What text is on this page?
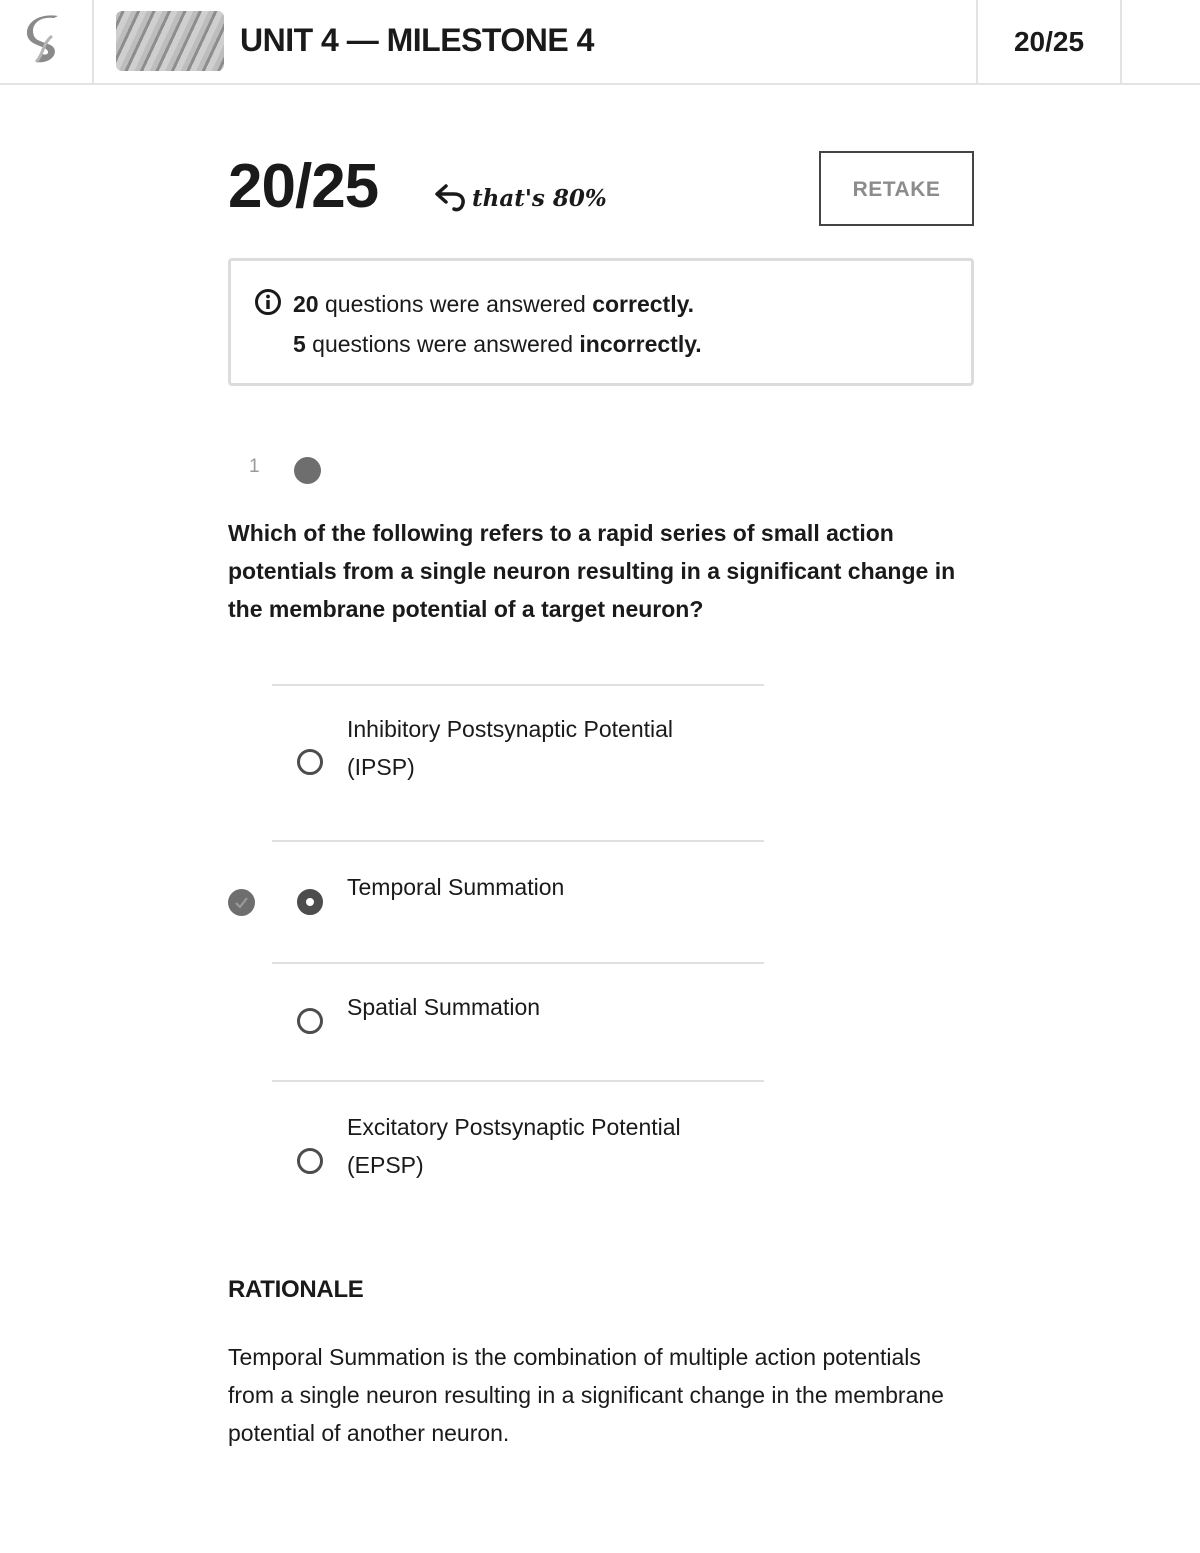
UNIT 4 — MILESTONE 4	20/25
20/25	that's 80%	RETAKE
20 questions were answered correctly.
5 questions were answered incorrectly.
1
Which of the following refers to a rapid series of small action potentials from a single neuron resulting in a significant change in the membrane potential of a target neuron?
Inhibitory Postsynaptic Potential (IPSP)
Temporal Summation
Spatial Summation
Excitatory Postsynaptic Potential (EPSP)
RATIONALE
Temporal Summation is the combination of multiple action potentials from a single neuron resulting in a significant change in the membrane potential of another neuron.
